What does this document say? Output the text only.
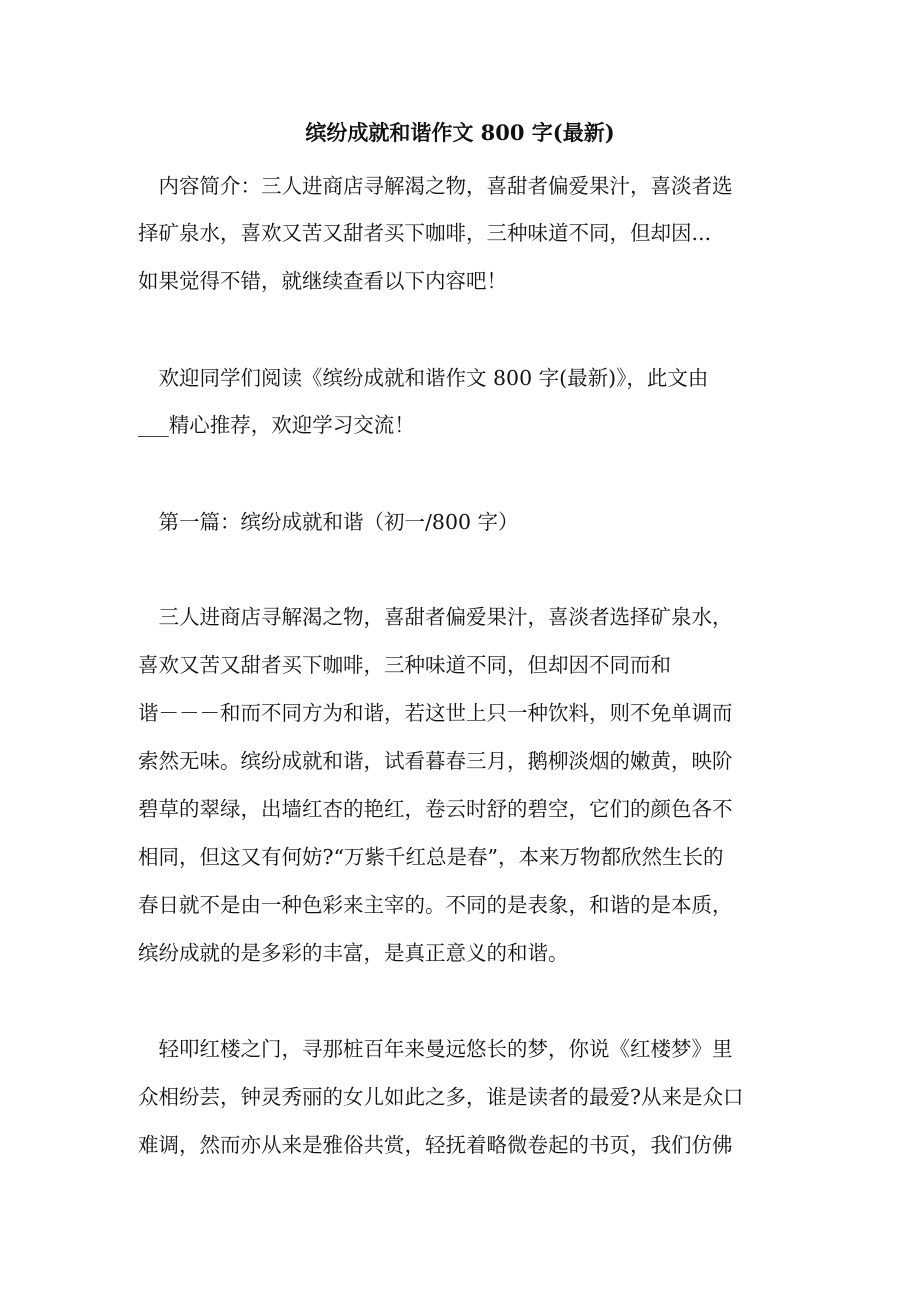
缤纷成就和谐作文 800 字(最新)

　内容简介：三人进商店寻解渴之物，喜甜者偏爱果汁，喜淡者选

择矿泉水，喜欢又苦又甜者买下咖啡，三种味道不同，但却因...

如果觉得不错，就继续查看以下内容吧！

　欢迎同学们阅读《缤纷成就和谐作文 800 字(最新)》，此文由

___精心推荐，欢迎学习交流！

　第一篇：缤纷成就和谐（初一/800 字）

　三人进商店寻解渴之物，喜甜者偏爱果汁，喜淡者选择矿泉水，

喜欢又苦又甜者买下咖啡，三种味道不同，但却因不同而和

谐－－－和而不同方为和谐，若这世上只一种饮料，则不免单调而

索然无味。缤纷成就和谐，试看暮春三月，鹅柳淡烟的嫩黄，映阶

碧草的翠绿，出墙红杏的艳红，卷云时舒的碧空，它们的颜色各不

相同，但这又有何妨?“万紫千红总是春”，本来万物都欣然生长的

春日就不是由一种色彩来主宰的。不同的是表象，和谐的是本质，

缤纷成就的是多彩的丰富，是真正意义的和谐。

　轻叩红楼之门，寻那桩百年来曼远悠长的梦，你说《红楼梦》里

众相纷芸，钟灵秀丽的女儿如此之多，谁是读者的最爱?从来是众口

难调，然而亦从来是雅俗共赏，轻抚着略微卷起的书页，我们仿佛
